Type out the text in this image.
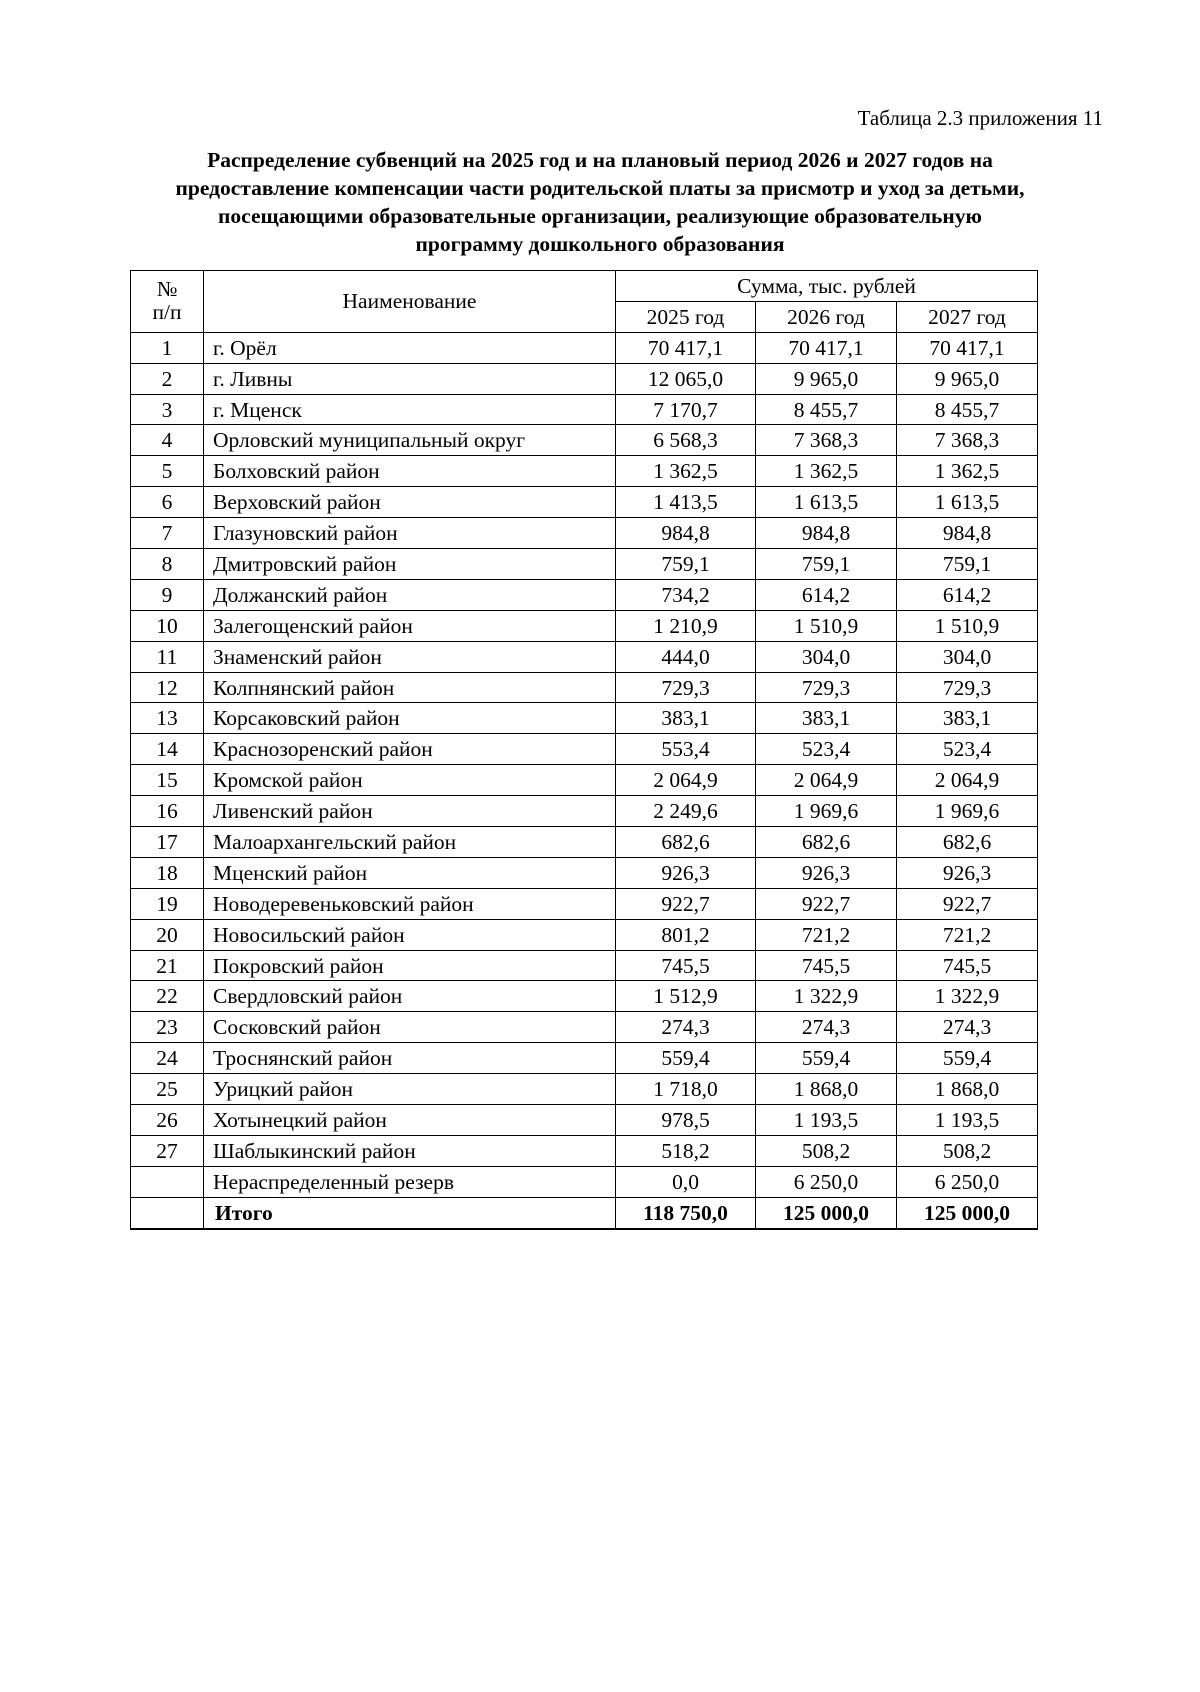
Таблица 2.3 приложения 11
Распределение субвенций на 2025 год и на плановый период 2026 и 2027 годов на
предоставление компенсации части родительской платы за присмотр и уход за детьми,
посещающими образовательные организации, реализующие образовательную
программу дошкольного образования
№
п/п	Наименование	Сумма, тыс. рублей		
		2025 год	2026 год	2027 год
1	г. Орёл	70 417,1	70 417,1	70 417,1
2	г. Ливны	12 065,0	9 965,0	9 965,0
3	г. Мценск	7 170,7	8 455,7	8 455,7
4	Орловский муниципальный округ	6 568,3	7 368,3	7 368,3
5	Болховский район	1 362,5	1 362,5	1 362,5
6	Верховский район	1 413,5	1 613,5	1 613,5
7	Глазуновский район	984,8	984,8	984,8
8	Дмитровский район	759,1	759,1	759,1
9	Должанский район	734,2	614,2	614,2
10	Залегощенский район	1 210,9	1 510,9	1 510,9
11	Знаменский район	444,0	304,0	304,0
12	Колпнянский район	729,3	729,3	729,3
13	Корсаковский район	383,1	383,1	383,1
14	Краснозоренский район	553,4	523,4	523,4
15	Кромской район	2 064,9	2 064,9	2 064,9
16	Ливенский район	2 249,6	1 969,6	1 969,6
17	Малоархангельский район	682,6	682,6	682,6
18	Мценский район	926,3	926,3	926,3
19	Новодеревеньковский район	922,7	922,7	922,7
20	Новосильский район	801,2	721,2	721,2
21	Покровский район	745,5	745,5	745,5
22	Свердловский район	1 512,9	1 322,9	1 322,9
23	Сосковский район	274,3	274,3	274,3
24	Троснянский район	559,4	559,4	559,4
25	Урицкий район	1 718,0	1 868,0	1 868,0
26	Хотынецкий район	978,5	1 193,5	1 193,5
27	Шаблыкинский район	518,2	508,2	508,2
	Нераспределенный резерв	0,0	6 250,0	6 250,0
	Итого	118 750,0	125 000,0	125 000,0
